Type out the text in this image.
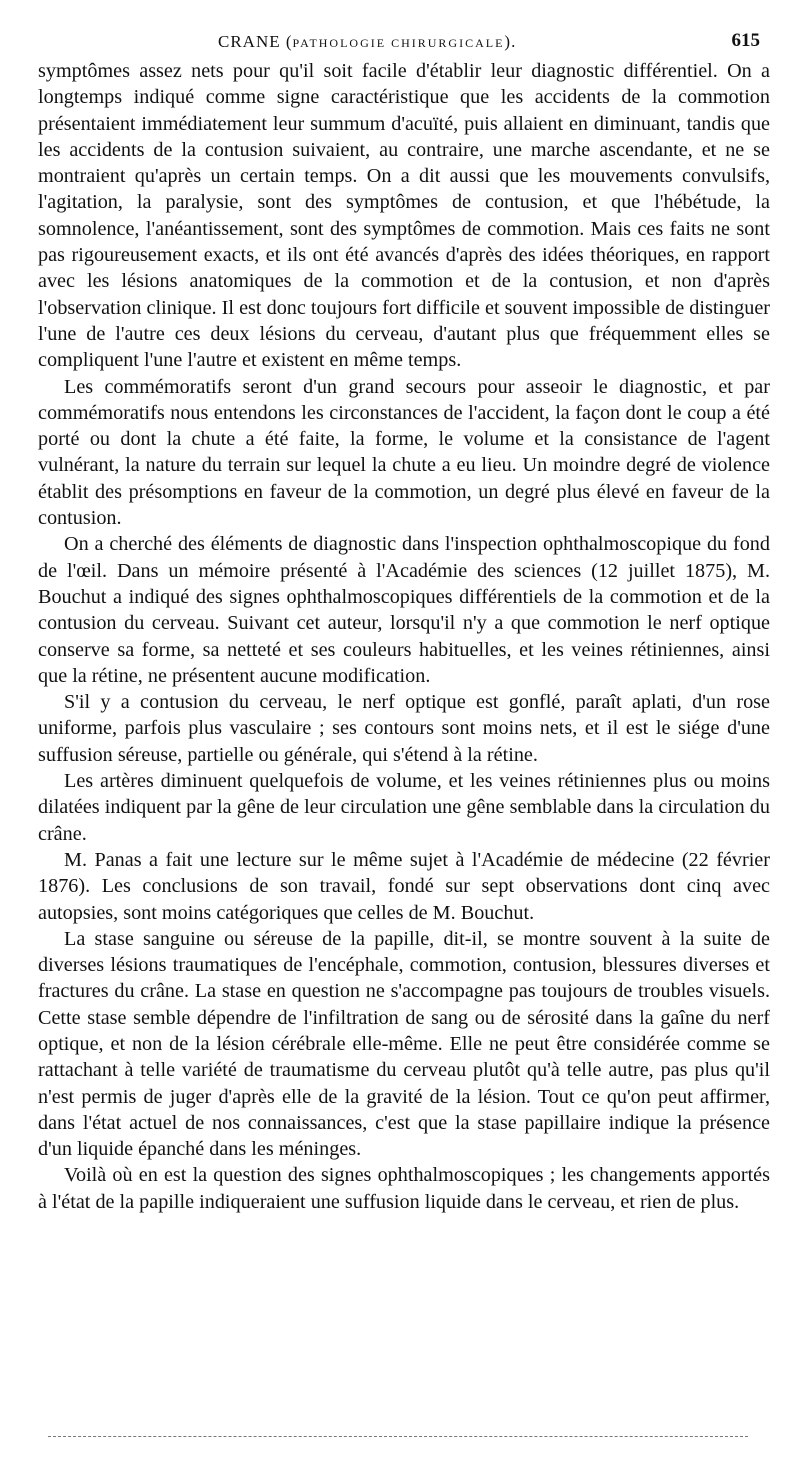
CRANE (PATHOLOGIE CHIRURGICALE).	615

symptômes assez nets pour qu'il soit facile d'établir leur diagnostic différentiel. On a longtemps indiqué comme signe caractéristique que les accidents de la commotion présentaient immédiatement leur summum d'acuïté, puis allaient en diminuant, tandis que les accidents de la contusion suivaient, au contraire, une marche ascendante, et ne se montraient qu'après un certain temps. On a dit aussi que les mouvements convulsifs, l'agitation, la paralysie, sont des symptômes de contusion, et que l'hébétude, la somnolence, l'anéantissement, sont des symptômes de commotion. Mais ces faits ne sont pas rigoureusement exacts, et ils ont été avancés d'après des idées théoriques, en rapport avec les lésions anatomiques de la commotion et de la contusion, et non d'après l'observation clinique. Il est donc toujours fort difficile et souvent impossible de distinguer l'une de l'autre ces deux lésions du cerveau, d'autant plus que fréquemment elles se compliquent l'une l'autre et existent en même temps.

Les commémoratifs seront d'un grand secours pour asseoir le diagnostic, et par commémoratifs nous entendons les circonstances de l'accident, la façon dont le coup a été porté ou dont la chute a été faite, la forme, le volume et la consistance de l'agent vulnérant, la nature du terrain sur lequel la chute a eu lieu. Un moindre degré de violence établit des présomptions en faveur de la commotion, un degré plus élevé en faveur de la contusion.

On a cherché des éléments de diagnostic dans l'inspection ophthalmoscopique du fond de l'œil. Dans un mémoire présenté à l'Académie des sciences (12 juillet 1875), M. Bouchut a indiqué des signes ophthalmoscopiques différentiels de la commotion et de la contusion du cerveau. Suivant cet auteur, lorsqu'il n'y a que commotion le nerf optique conserve sa forme, sa netteté et ses couleurs habituelles, et les veines rétiniennes, ainsi que la rétine, ne présentent aucune modification.

S'il y a contusion du cerveau, le nerf optique est gonflé, paraît aplati, d'un rose uniforme, parfois plus vasculaire ; ses contours sont moins nets, et il est le siége d'une suffusion séreuse, partielle ou générale, qui s'étend à la rétine.

Les artères diminuent quelquefois de volume, et les veines rétiniennes plus ou moins dilatées indiquent par la gêne de leur circulation une gêne semblable dans la circulation du crâne.

M. Panas a fait une lecture sur le même sujet à l'Académie de médecine (22 février 1876). Les conclusions de son travail, fondé sur sept observations dont cinq avec autopsies, sont moins catégoriques que celles de M. Bouchut.

La stase sanguine ou séreuse de la papille, dit-il, se montre souvent à la suite de diverses lésions traumatiques de l'encéphale, commotion, contusion, blessures diverses et fractures du crâne. La stase en question ne s'accompagne pas toujours de troubles visuels. Cette stase semble dépendre de l'infiltration de sang ou de sérosité dans la gaîne du nerf optique, et non de la lésion cérébrale elle-même. Elle ne peut être considérée comme se rattachant à telle variété de traumatisme du cerveau plutôt qu'à telle autre, pas plus qu'il n'est permis de juger d'après elle de la gravité de la lésion. Tout ce qu'on peut affirmer, dans l'état actuel de nos connaissances, c'est que la stase papillaire indique la présence d'un liquide épanché dans les méninges.

Voilà où en est la question des signes ophthalmoscopiques ; les changements apportés à l'état de la papille indiqueraient une suffusion liquide dans le cerveau, et rien de plus.
